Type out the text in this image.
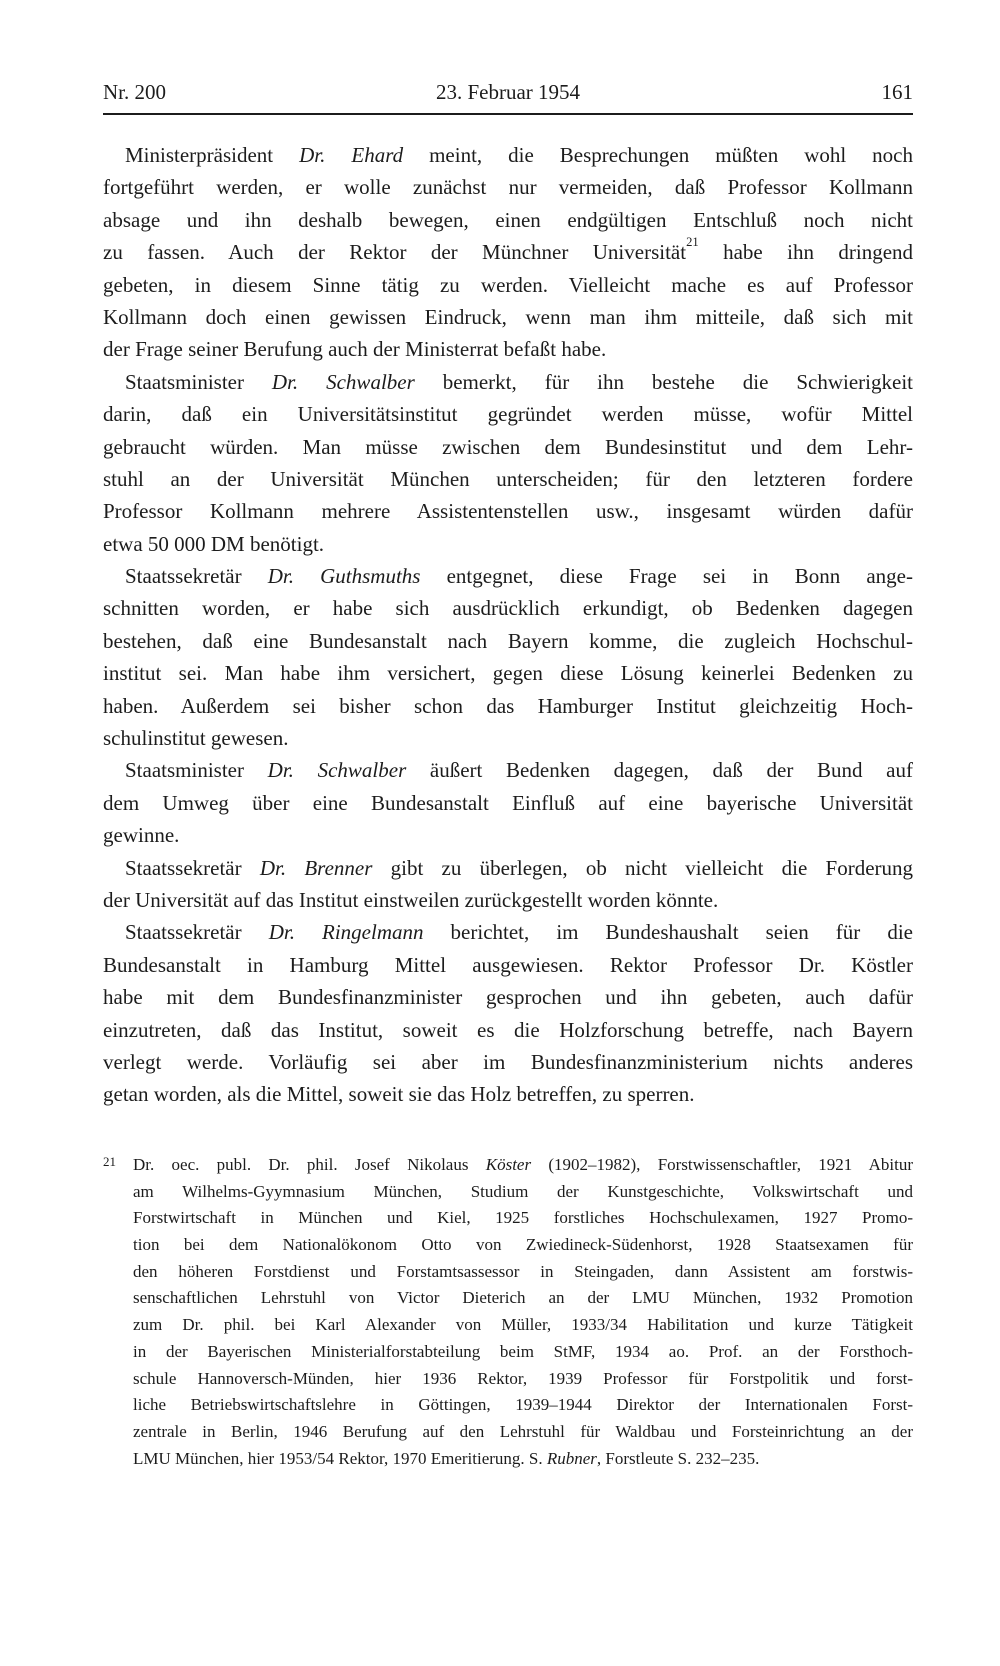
Nr. 200	23. Februar 1954	161
Ministerpräsident Dr. Ehard meint, die Besprechungen müßten wohl noch
fortgeführt werden, er wolle zunächst nur vermeiden, daß Professor Kollmann
absage und ihn deshalb bewegen, einen endgültigen Entschluß noch nicht
zu fassen. Auch der Rektor der Münchner Universität$^{21}$ habe ihn dringend
gebeten, in diesem Sinne tätig zu werden. Vielleicht mache es auf Professor
Kollmann doch einen gewissen Eindruck, wenn man ihm mitteile, daß sich mit
der Frage seiner Berufung auch der Ministerrat befaßt habe.
Staatsminister Dr. Schwalber bemerkt, für ihn bestehe die Schwierigkeit
darin, daß ein Universitätsinstitut gegründet werden müsse, wofür Mittel
gebraucht würden. Man müsse zwischen dem Bundesinstitut und dem Lehr-
stuhl an der Universität München unterscheiden; für den letzteren fordere
Professor Kollmann mehrere Assistentenstellen usw., insgesamt würden dafür
etwa 50 000 DM benötigt.
Staatssekretär Dr. Guthsmuths entgegnet, diese Frage sei in Bonn ange-
schnitten worden, er habe sich ausdrücklich erkundigt, ob Bedenken dagegen
bestehen, daß eine Bundesanstalt nach Bayern komme, die zugleich Hochschul-
institut sei. Man habe ihm versichert, gegen diese Lösung keinerlei Bedenken zu
haben. Außerdem sei bisher schon das Hamburger Institut gleichzeitig Hoch-
schulinstitut gewesen.
Staatsminister Dr. Schwalber äußert Bedenken dagegen, daß der Bund auf
dem Umweg über eine Bundesanstalt Einfluß auf eine bayerische Universität
gewinne.
Staatssekretär Dr. Brenner gibt zu überlegen, ob nicht vielleicht die Forderung
der Universität auf das Institut einstweilen zurückgestellt worden könnte.
Staatssekretär Dr. Ringelmann berichtet, im Bundeshaushalt seien für die
Bundesanstalt in Hamburg Mittel ausgewiesen. Rektor Professor Dr. Köstler
habe mit dem Bundesfinanzminister gesprochen und ihn gebeten, auch dafür
einzutreten, daß das Institut, soweit es die Holzforschung betreffe, nach Bayern
verlegt werde. Vorläufig sei aber im Bundesfinanzministerium nichts anderes
getan worden, als die Mittel, soweit sie das Holz betreffen, zu sperren.
21 Dr. oec. publ. Dr. phil. Josef Nikolaus Köster (1902–1982), Forstwissenschaftler, 1921 Abitur
am Wilhelms-Gyymnasium München, Studium der Kunstgeschichte, Volkswirtschaft und
Forstwirtschaft in München und Kiel, 1925 forstliches Hochschulexamen, 1927 Promo-
tion bei dem Nationalökonom Otto von Zwiedineck-Südenhorst, 1928 Staatsexamen für
den höheren Forstdienst und Forstamtsassessor in Steingaden, dann Assistent am forstwis-
senschaftlichen Lehrstuhl von Victor Dieterich an der LMU München, 1932 Promotion
zum Dr. phil. bei Karl Alexander von Müller, 1933/34 Habilitation und kurze Tätigkeit
in der Bayerischen Ministerialforstabteilung beim StMF, 1934 ao. Prof. an der Forsthoch-
schule Hannoversch-Münden, hier 1936 Rektor, 1939 Professor für Forstpolitik und forst-
liche Betriebswirtschaftslehre in Göttingen, 1939–1944 Direktor der Internationalen Forst-
zentrale in Berlin, 1946 Berufung auf den Lehrstuhl für Waldbau und Forsteinrichtung an der
LMU München, hier 1953/54 Rektor, 1970 Emeritierung. S. Rubner, Forstleute S. 232–235.
